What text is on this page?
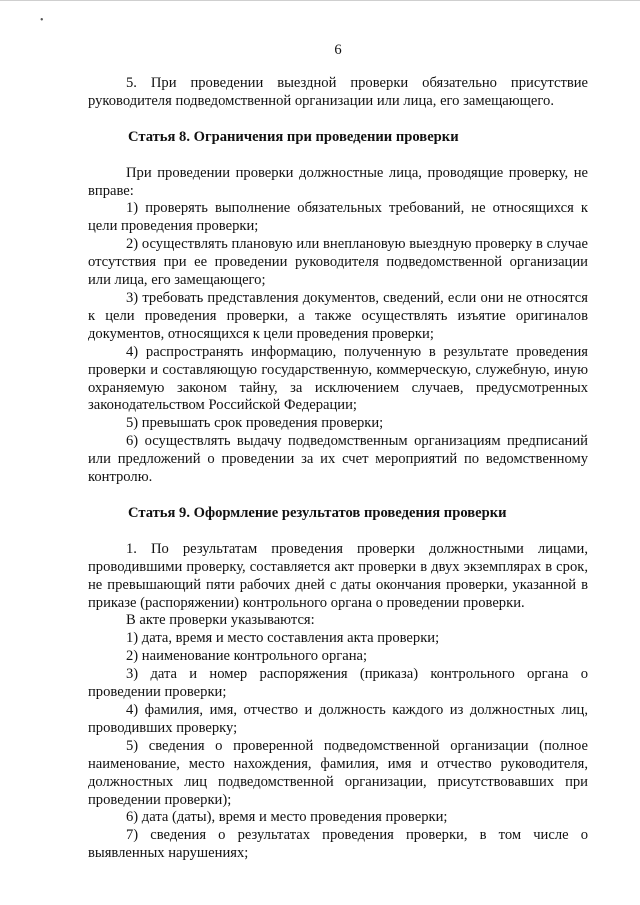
•
6

5. При проведении выездной проверки обязательно присутствие руководителя подведомственной организации или лица, его замещающего.

Статья 8. Ограничения при проведении проверки

При проведении проверки должностные лица, проводящие проверку, не вправе:

1) проверять выполнение обязательных требований, не относящихся к цели проведения проверки;

2) осуществлять плановую или внеплановую выездную проверку в случае отсутствия при ее проведении руководителя подведомственной организации или лица, его замещающего;

3) требовать представления документов, сведений, если они не относятся к цели проведения проверки, а также осуществлять изъятие оригиналов документов, относящихся к цели проведения проверки;

4) распространять информацию, полученную в результате проведения проверки и составляющую государственную, коммерческую, служебную, иную охраняемую законом тайну, за исключением случаев, предусмотренных законодательством Российской Федерации;

5) превышать срок проведения проверки;

6) осуществлять выдачу подведомственным организациям предписаний или предложений о проведении за их счет мероприятий по ведомственному контролю.

Статья 9. Оформление результатов проведения проверки

1. По результатам проведения проверки должностными лицами, проводившими проверку, составляется акт проверки в двух экземплярах в срок, не превышающий пяти рабочих дней с даты окончания проверки, указанной в приказе (распоряжении) контрольного органа о проведении проверки.

В акте проверки указываются:

1) дата, время и место составления акта проверки;

2) наименование контрольного органа;

3) дата и номер распоряжения (приказа) контрольного органа о проведении проверки;

4) фамилия, имя, отчество и должность каждого из должностных лиц, проводивших проверку;

5) сведения о проверенной подведомственной организации (полное наименование, место нахождения, фамилия, имя и отчество руководителя, должностных лиц подведомственной организации, присутствовавших при проведении проверки);

6) дата (даты), время и место проведения проверки;

7) сведения о результатах проведения проверки, в том числе о выявленных нарушениях;
